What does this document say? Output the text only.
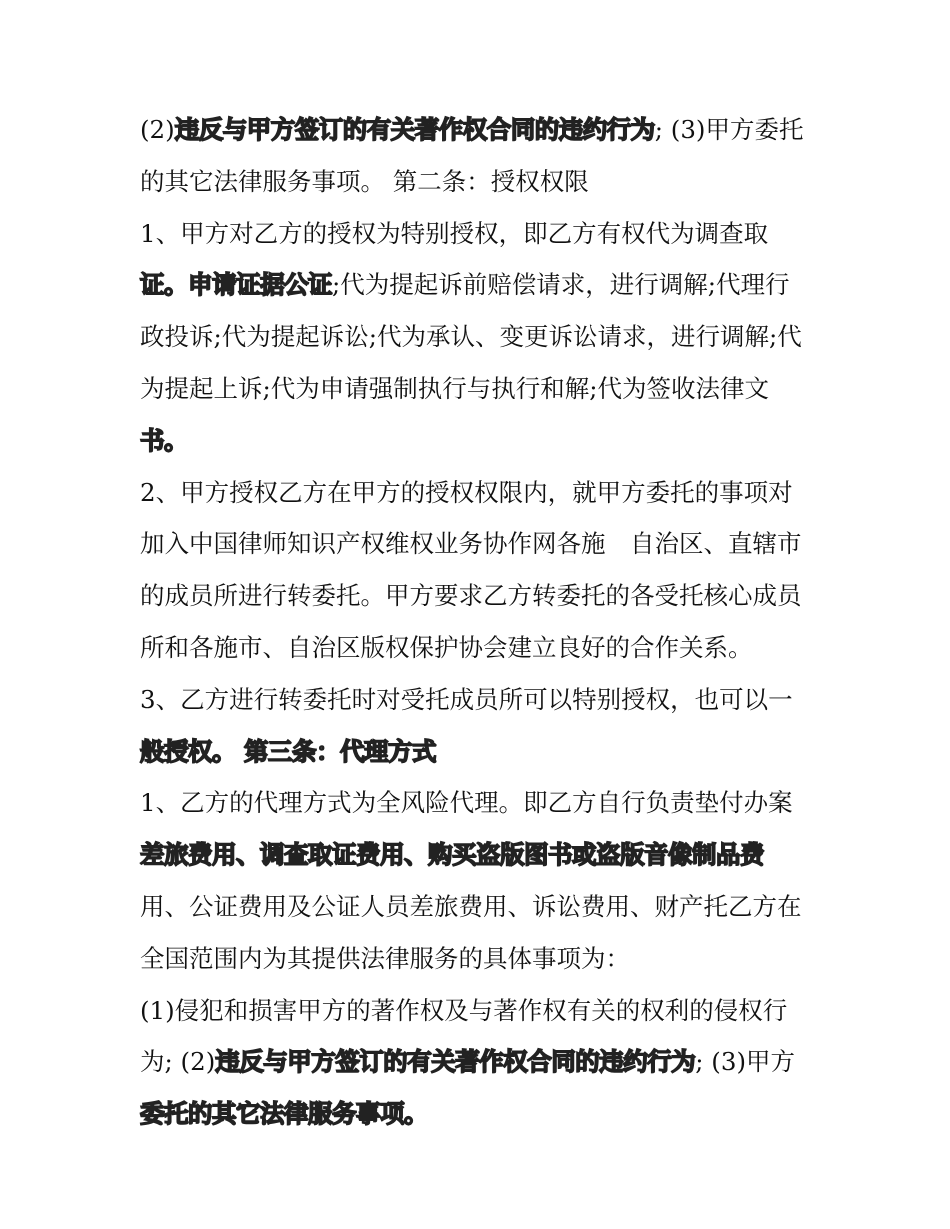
(2)违反与甲方签订的有关著作权合同的违约行为; (3)甲方委托
的其它法律服务事项。 第二条：授权权限
1、甲方对乙方的授权为特别授权，即乙方有权代为调查取
证。申请证据公证;代为提起诉前赔偿请求，进行调解;代理行
政投诉;代为提起诉讼;代为承认、变更诉讼请求，进行调解;代
为提起上诉;代为申请强制执行与执行和解;代为签收法律文
书。
2、甲方授权乙方在甲方的授权权限内，就甲方委托的事项对
加入中国律师知识产权维权业务协作网各施　自治区、直辖市
的成员所进行转委托。甲方要求乙方转委托的各受托核心成员
所和各施市、自治区版权保护协会建立良好的合作关系。
3、乙方进行转委托时对受托成员所可以特别授权，也可以一
般授权。 第三条：代理方式
1、乙方的代理方式为全风险代理。即乙方自行负责垫付办案
差旅费用、调查取证费用、购买盗版图书或盗版音像制品费
用、公证费用及公证人员差旅费用、诉讼费用、财产托乙方在
全国范围内为其提供法律服务的具体事项为：
(1)侵犯和损害甲方的著作权及与著作权有关的权利的侵权行
为; (2)违反与甲方签订的有关著作权合同的违约行为; (3)甲方
委托的其它法律服务事项。
